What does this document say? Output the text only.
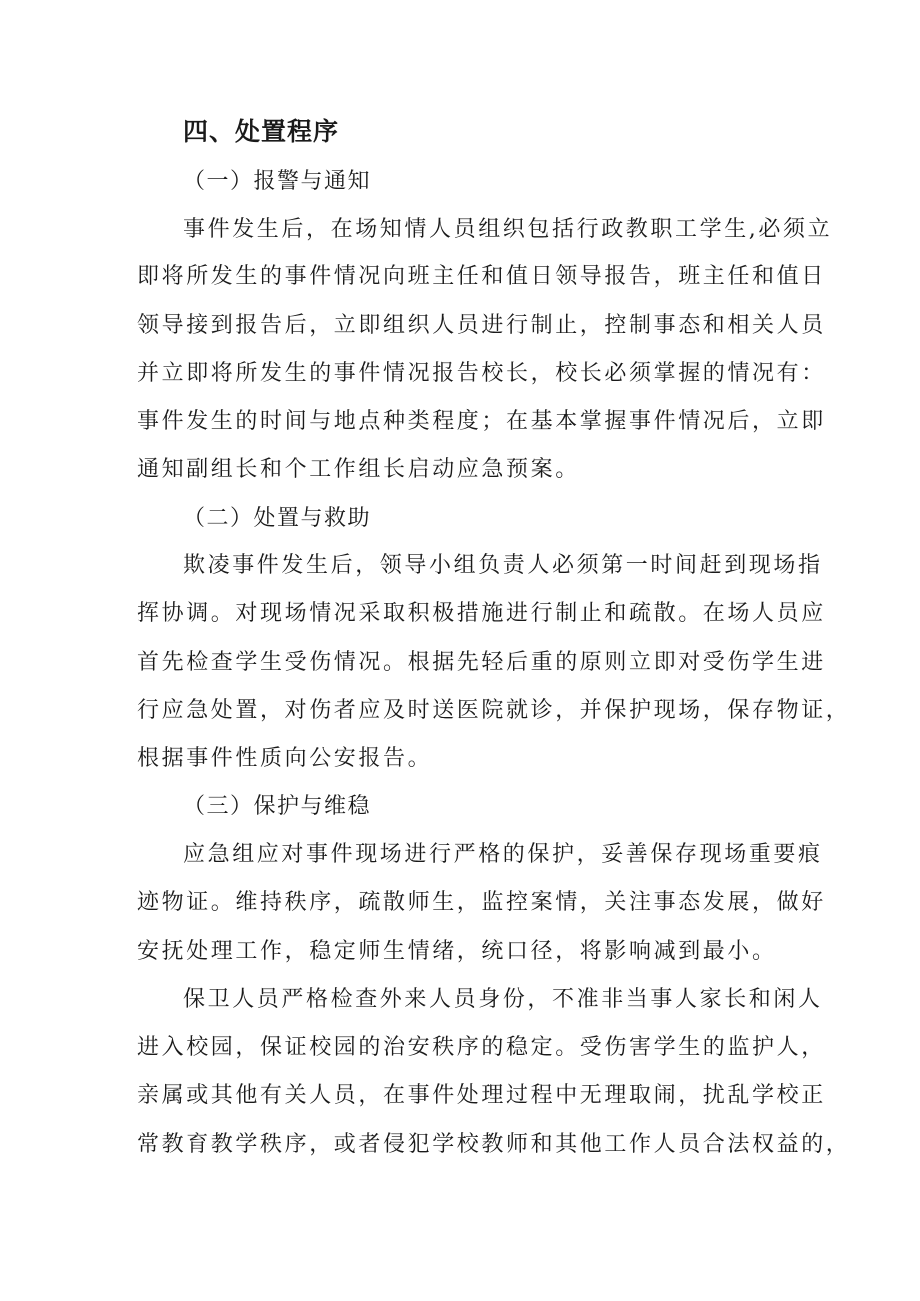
四、处置程序
（一）报警与通知
事件发生后，在场知情人员组织包括行政教职工学生,必须立
即将所发生的事件情况向班主任和值日领导报告，班主任和值日
领导接到报告后，立即组织人员进行制止，控制事态和相关人员
并立即将所发生的事件情况报告校长，校长必须掌握的情况有：
事件发生的时间与地点种类程度；在基本掌握事件情况后，立即
通知副组长和个工作组长启动应急预案。
（二）处置与救助
欺凌事件发生后，领导小组负责人必须第一时间赶到现场指
挥协调。对现场情况采取积极措施进行制止和疏散。在场人员应
首先检查学生受伤情况。根据先轻后重的原则立即对受伤学生进
行应急处置，对伤者应及时送医院就诊，并保护现场，保存物证，
根据事件性质向公安报告。
（三）保护与维稳
应急组应对事件现场进行严格的保护，妥善保存现场重要痕
迹物证。维持秩序，疏散师生，监控案情，关注事态发展，做好
安抚处理工作，稳定师生情绪，统口径，将影响减到最小。
保卫人员严格检查外来人员身份，不准非当事人家长和闲人
进入校园，保证校园的治安秩序的稳定。受伤害学生的监护人，
亲属或其他有关人员，在事件处理过程中无理取闹，扰乱学校正
常教育教学秩序，或者侵犯学校教师和其他工作人员合法权益的，
